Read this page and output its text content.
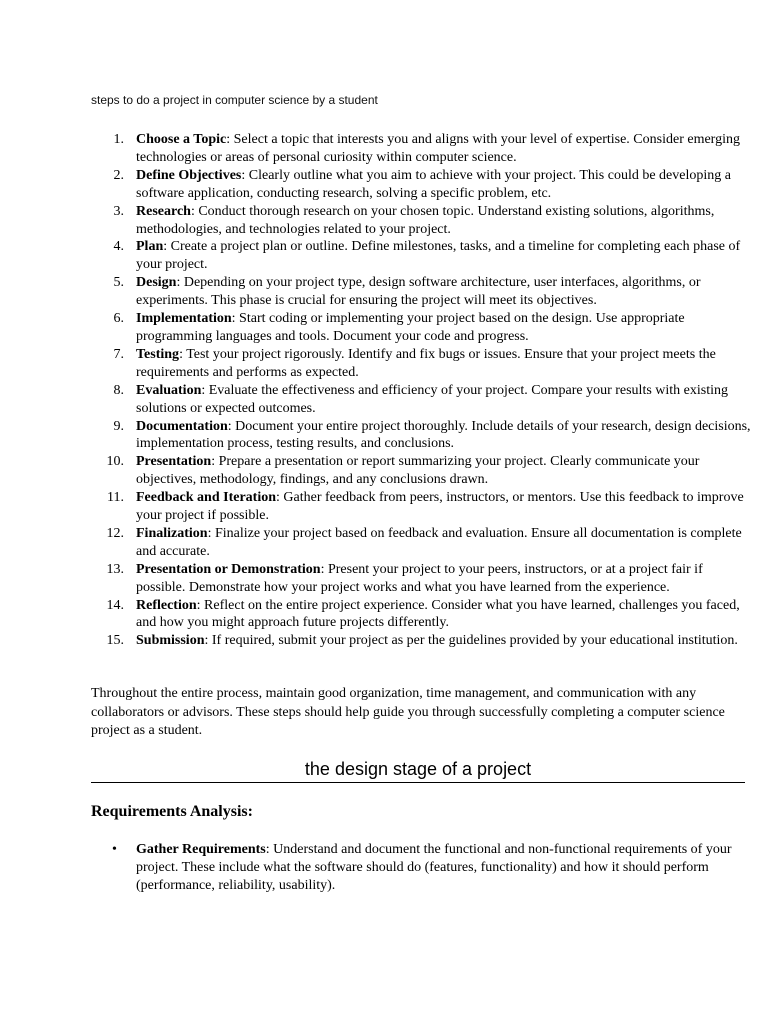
steps to do a project in computer science by a student
1. Choose a Topic: Select a topic that interests you and aligns with your level of expertise. Consider emerging technologies or areas of personal curiosity within computer science.
2. Define Objectives: Clearly outline what you aim to achieve with your project. This could be developing a software application, conducting research, solving a specific problem, etc.
3. Research: Conduct thorough research on your chosen topic. Understand existing solutions, algorithms, methodologies, and technologies related to your project.
4. Plan: Create a project plan or outline. Define milestones, tasks, and a timeline for completing each phase of your project.
5. Design: Depending on your project type, design software architecture, user interfaces, algorithms, or experiments. This phase is crucial for ensuring the project will meet its objectives.
6. Implementation: Start coding or implementing your project based on the design. Use appropriate programming languages and tools. Document your code and progress.
7. Testing: Test your project rigorously. Identify and fix bugs or issues. Ensure that your project meets the requirements and performs as expected.
8. Evaluation: Evaluate the effectiveness and efficiency of your project. Compare your results with existing solutions or expected outcomes.
9. Documentation: Document your entire project thoroughly. Include details of your research, design decisions, implementation process, testing results, and conclusions.
10. Presentation: Prepare a presentation or report summarizing your project. Clearly communicate your objectives, methodology, findings, and any conclusions drawn.
11. Feedback and Iteration: Gather feedback from peers, instructors, or mentors. Use this feedback to improve your project if possible.
12. Finalization: Finalize your project based on feedback and evaluation. Ensure all documentation is complete and accurate.
13. Presentation or Demonstration: Present your project to your peers, instructors, or at a project fair if possible. Demonstrate how your project works and what you have learned from the experience.
14. Reflection: Reflect on the entire project experience. Consider what you have learned, challenges you faced, and how you might approach future projects differently.
15. Submission: If required, submit your project as per the guidelines provided by your educational institution.

Throughout the entire process, maintain good organization, time management, and communication with any collaborators or advisors. These steps should help guide you through successfully completing a computer science project as a student.

the design stage of a project
Requirements Analysis:
• Gather Requirements: Understand and document the functional and non-functional requirements of your project. These include what the software should do (features, functionality) and how it should perform (performance, reliability, usability).
